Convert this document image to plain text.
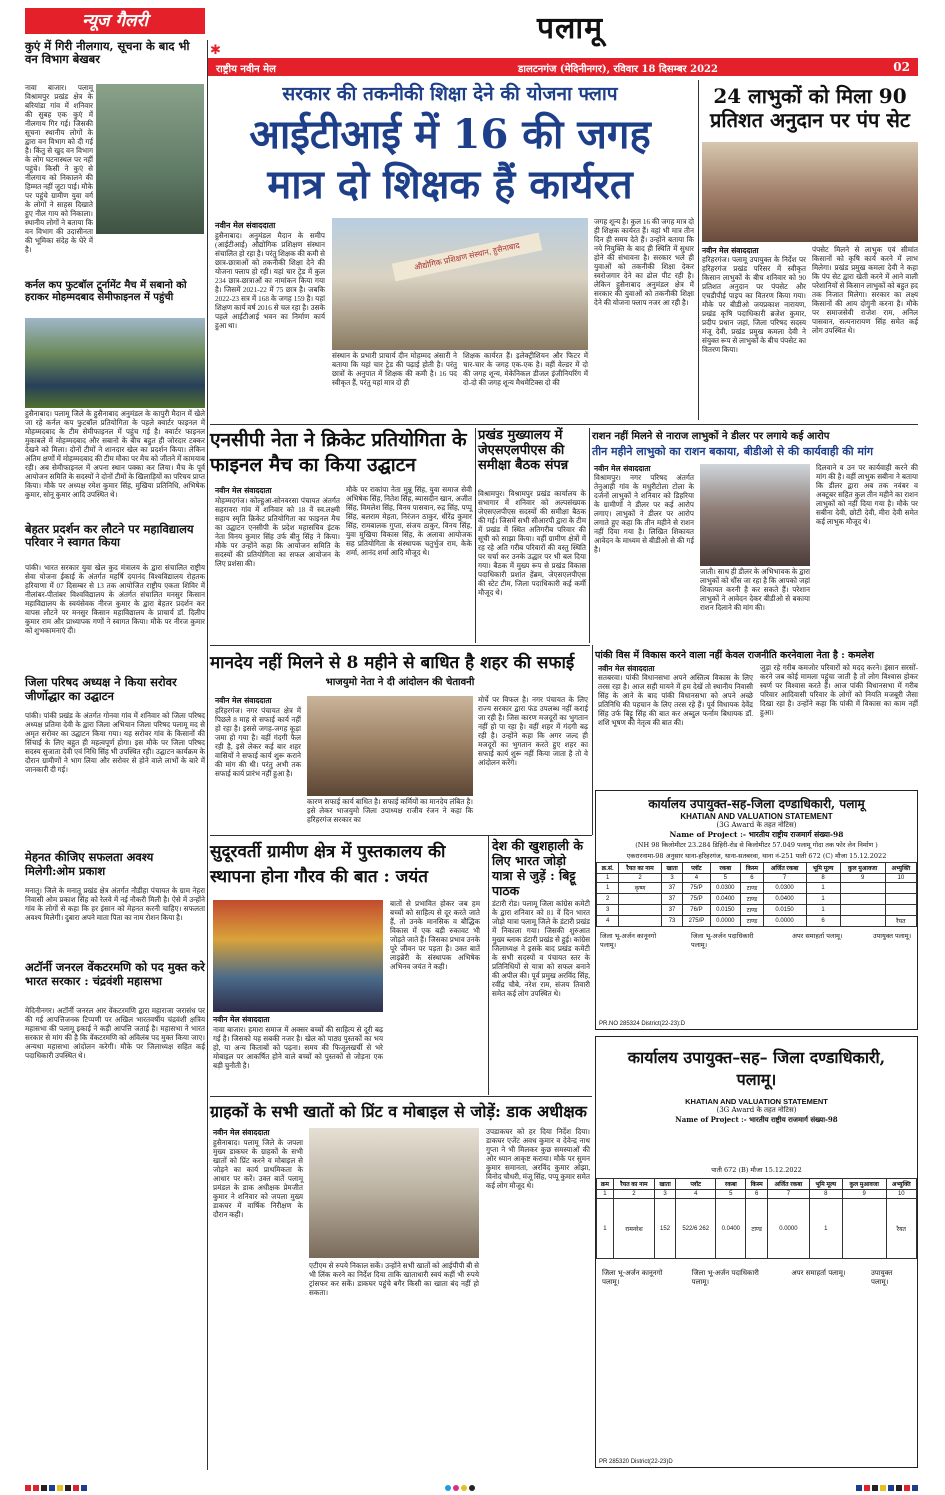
पलामू
✱
राष्ट्रीय नवीन मेल	डालटनगंज (मेदिनीनगर), रविवार 18 दिसम्बर 2022	02
न्यूज गैलरी
कुएं में गिरी नीलगाय, सूचना के बाद भी वन विभाग बेखबर
नावा बाजार। पलामू विश्रामपुर प्रखंड क्षेत्र के बरियांडा गांव में शनिवार की सुबह एक कुएं में नीलगाय गिर गई। जिसकी सूचना स्थानीय लोगों के द्वारा वन विभाग को दी गई है। किंतु से खुद वन विभाग के लोग घटनास्थल पर नहीं पहुंचे। किसी ने कुएं से नीलगाय को निकालने की हिम्मत नहीं जुटा पाई। मौके पर पहुंचे ग्रामीण युवा वर्ग के लोगों ने साहस दिखाते हुए नील गाय को निकाला। स्थानीय लोगों ने बताया कि वन विभाग की उदासीनता की भूमिका संदेह के घेरे में है।
कर्नल कप फुटबॉल टूर्नामेंट मैच में सबानो को हराकर मोहम्मदबाद सेमीफाइनल में पहुंची
हुसैनाबाद। पलामू जिले के हुसैनाबाद अनुमंडल के कापुरी मैदान में खेले जा रहे कर्नल कप फुटबॉल प्रतियोगिता के पहले क्वार्टर फाइनल में मोहम्मदबाद के टीम सेमीफाइनल में पहुंच गई है। क्वार्टर फाइनल मुकाबले में मोहम्मदबाद और सबानो के बीच बहुत ही जोरदार टक्कर देखने को मिला। दोनों टीमों ने शानदार खेल का प्रदर्शन किया। लेकिन अंतिम क्षणों में मोहम्मदबाद की टीम मौका पर मैच को जीतने में कामयाब रही। अब सेमीफाइनल में अपना स्थान पक्का कर लिया। मैच के पूर्व आयोजन समिति के सदस्यों ने दोनों टीमों के खिलाड़ियों का परिचय प्राप्त किया। मौके पर अध्यक्ष रमेश कुमार सिंह, मुखिया प्रतिनिधि, अभिषेक कुमार, सोनू कुमार आदि उपस्थित थे।
बेहतर प्रदर्शन कर लौटने पर महाविद्यालय परिवार ने स्वागत किया
पांकी। भारत सरकार युवा खेल कुद मंत्रालय के द्वारा संचालित राष्ट्रीय सेवा योजना ईकाई के अंतर्गत महर्षि दयानंद विश्वविद्यालय रोहतक हरियाणा में 07 दिसम्बर से 13 तक आयोजित राष्ट्रीय एकता शिविर में नीलांबर-पीतांबर विश्वविद्यालय के अंतर्गत संचालित मनसुर किसान महाविद्यालय के स्वयंसेवक नीरज कुमार के द्वारा बेहतर प्रदर्शन कर वापस लौटने पर मनसुर किसान महाविद्यालय के प्राचार्य डॉ. दिलीप कुमार राम और प्राध्यापक गणों ने स्वागत किया। मौके पर नीरज कुमार को शुभकामनाएं दी।
जिला परिषद अध्यक्ष ने किया सरोवर जीर्णोद्धार का उद्घाटन
पांकी। पांकी प्रखंड के अंतर्गत गोनवा गांव में शनिवार को जिला परिषद अध्यक्ष प्रतिमा देवी के द्वारा जिला अभियान जिला परिषद पलामू मद से अमृत सरोवर का उद्घाटन किया गया। यह सरोवर गांव के किसानों की सिंचाई के लिए बहुत ही महत्वपूर्ण होगा। इस मौके पर जिला परिषद सदस्य सुजाता देवी एवं निधि सिंह भी उपस्थित रही। उद्घाटन कार्यक्रम के दौरान ग्रामीणों ने भाग लिया और सरोवर से होने वाले लाभों के बारे में जानकारी दी गई।
मेहनत कीजिए सफलता अवश्य मिलेगी:ओम प्रकाश
मनातू। जिले के मनातू प्रखंड क्षेत्र अंतर्गत नौडीहा पंचायत के ग्राम नेहरा निवासी ओम प्रकाश सिंह को रेलवे में नई नौकरी मिली है। ऐसे में उन्होंने गांव के लोगों से कहा कि हर इंसान को मेहनत करनी चाहिए। सफलता अवश्य मिलेगी। दुबारा अपने माता पिता का नाम रोशन किया है।
अटॉर्नी जनरल वेंकटरमणि को पद मुक्त करे भारत सरकार : चंद्रवंशी महासभा
मेदिनीनगर। अटॉर्नी जनरल आर वेंकटरमणि द्वारा महाराजा जरासंध पर की गई आपत्तिजनक टिप्पणी पर अखिल भारतवर्षीय चंद्रवंशी क्षत्रिय महासभा की पलामू इकाई ने कड़ी आपत्ति जताई है। महासभा ने भारत सरकार से मांग की है कि वेंकटरमणि को अविलंब पद मुक्त किया जाए। अन्यथा महासभा आंदोलन करेगी। मौके पर जिलाध्यक्ष सहित कई पदाधिकारी उपस्थित थे।
सरकार की तकनीकी शिक्षा देने की योजना फ्लाप
आईटीआई में 16 की जगह
मात्र दो शिक्षक हैं कार्यरत
नवीन मेल संवाददाता
हुसैनाबाद। अनुमंडल मैदान के समीप (आईटीआई) औद्योगिक प्रशिक्षण संस्थान संचालित हो रहा है। परंतु शिक्षक की कमी से छात्र-छात्राओं को तकनीकी शिक्षा देने की योजना फ्लाप हो रही। यहां चार ट्रेड में कुल 234 छात्र-छात्राओं का नामांकन किया गया है। जिसमें 2021-22 में 75 छात्र है। जबकि 2022-23 सत्र में 168 के जगह 159 है। यहां शिक्षण कार्य वर्ष 2016 से चल रहा है। उसके पहले आईटीआई भवन का निर्माण कार्य हुआ था।
औद्योगिक प्रशिक्षण संस्थान, हुसैनाबाद
संस्थान के प्रभारी प्राचार्य दीन मोहम्मद अंसारी ने बताया कि यहां चार ट्रेड की पढ़ाई होती है। परंतु छात्रों के अनुपात में शिक्षक की कमी है। 16 पद स्वीकृत हैं, परंतु यहां मात्र दो ही
शिक्षक कार्यरत हैं। इलेक्ट्रीशियन और फिटर में चार-चार के जगह एक-एक है। वहीं वेल्डर में दो की जगह शून्य, मेकेनिकल डीजल इंजीनियरिंग में दो-दो की जगह शून्य मैथमेटिक्स दो की
जगह शून्य है। कुल 16 की जगह मात्र दो ही शिक्षक कार्यरत हैं। वहां भी मात्र तीन दिन ही समय देते हैं। उन्होंने बताया कि नये नियुक्ति के बाद ही स्थिति में सुधार होने की संभावना है। सरकार भले ही युवाओं को तकनीकी शिक्षा देकर स्वरोजगार देने का ढोल पीट रही है। लेकिन हुसैनाबाद अनुमंडल क्षेत्र में सरकार की युवाओं को तकनीकी शिक्षा देने की योजना फ्लाप नजर आ रही है।
24 लाभुकों को मिला 90 प्रतिशत अनुदान पर पंप सेट
नवीन मेल संवाददाता
हरिहरगंज। पलामू उपायुक्त के निर्देश पर हरिहरगंज प्रखंड परिसर में स्वीकृत किसान लाभुकों के बीच शनिवार को 90 प्रतिशत अनुदान पर पंपसेट और एचडीपीई पाइप का वितरण किया गया। मौके पर बीडीओ जयप्रकाश नारायण, प्रखंड कृषि पदाधिकारी ब्रजेश कुमार, प्रदीप प्रधान जहां, जिला परिषद सदस्य मंजू देवी, प्रखंड प्रमुख कमला देवी ने संयुक्त रूप से लाभुकों के बीच पंपसेट का वितरण किया।
पंपसेट मिलने से लाभुक एवं सीमांत किसानों को कृषि कार्य करने में लाभ मिलेगा। प्रखंड प्रमुख कमला देवी ने कहा कि पंप सेट द्वारा खेती करने में आने वाली परेशानियों से किसान लाभुकों को बहुत हद तक निजात मिलेगा। सरकार का लक्ष्य किसानों की आय दोगुनी करना है। मौके पर समाजसेवी राजेश राम, अनिल पासवान, सत्यनारायण सिंह समेत कई लोग उपस्थित थे।
एनसीपी नेता ने क्रिकेट प्रतियोगिता के फाइनल मैच का किया उद्घाटन
नवीन मेल संवाददाता
मोहम्मदगंज। कोल्हुआ-सोनवरसा पंचायत अंतर्गत सहरावरा गांव में शनिवार को 18 वें स्व.लक्ष्मी सहाय स्मृति क्रिकेट प्रतियोगिता का फाइनल मैच का उद्घाटन एनसीपी के प्रदेश महासचिव इंटक नेता विनय कुमार सिंह उर्फ बीनु सिंह ने किया। मौके पर उन्होंने कहा कि आयोजन समिति के सदस्यों की प्रतियोगिता का सफल आयोजन के लिए प्रशंसा की।
मौके पर राकांपा नेता मुन्नू सिंह, युवा समाज सेवी अभिषेक सिंह, नितेश सिंह, ब्यासदीन खान, अजीत सिंह, विमलेश सिंह, विनय पासवान, रुद्र सिंह, पप्पू सिंह, बलराम मेहता, निरंजन ठाकुर, धीरेंद्र कुमार सिंह, रामबालक गुप्ता, संजय ठाकुर, विनय सिंह, युवा मुखिया विकास सिंह, के अलावा आयोजक सह प्रतियोगिता के संस्थापक चतुर्भुज राम, केके शर्मा, आनंद शर्मा आदि मौजूद थे।
प्रखंड मुख्यालय में जेएसएलपीएस की समीक्षा बैठक संपन्न
विश्रामपुर। विश्रामपुर प्रखंड कार्यालय के सभागार में शनिवार को अल्पसंख्यक जेएसएलपीएस सदस्यों की समीक्षा बैठक की गई। जिसमें सभी सीआरपी द्वारा के टीम में प्रखंड में स्थित अतिगरीब परिवार की सूची को साझा किया। वहीं ग्रामीण क्षेत्रों में रह रहे अति गरीब परिवारों की वस्तु स्थिति पर चर्चा कर उनके उद्धार पर भी बल दिया गया। बैठक में मुख्य रूप से प्रखंड विकास पदाधिकारी प्रशांत हेंब्रम, जेएसएलपीएस की स्टेट टीम, जिला पदाधिकारी कई कर्मी मौजूद थे।
राशन नहीं मिलने से नाराज लाभुकों ने डीलर पर लगाये कई आरोप
तीन महीने लाभुको का राशन बकाया, बीडीओ से की कार्यवाही की मांग
नवीन मेल संवाददाता
विश्रामपुर। नगर परिषद अंतर्गत तेनुआही गांव के मधुरीटोला टोला के दर्जनों लाभुकों ने शनिवार को डिहरिया के ग्रामीणों ने डीलर पर कई आरोप लगाए। लाभुकों ने डीलर पर आरोप लगाते हुए कहा कि तीन महीने से राशन नहीं दिया गया है। लिखित शिकायत आवेदन के माध्यम से बीडीओ से की गई है।
जाती। साथ ही डीलर के अभिभावक के द्वारा लाभुकों को धौंस जा रहा है कि आपको जहां शिकायत करनी है कर सकते हैं। परेशान लाभुकों ने आवेदन देकर बीडीओ से बकाया राशन दिलाने की मांग की।
दिलवाने व उन पर कार्यवाही करने की मांग की है। वहीं लाभुक सबीना ने बताया कि डीलर द्वारा अब तक नवंबर व अक्टूबर सहित कुल तीन महीने का राशन लाभुकों को नहीं दिया गया है। मौके पर सबीना देवी, छोटी देवी, मीरा देवी समेत कई लाभुक मौजूद थे।
मानदेय नहीं मिलने से 8 महीने से बाधित है शहर की सफाई
भाजयुमो नेता ने दी आंदोलन की चेतावनी
नवीन मेल संवाददाता
हरिहरगंज। नगर पंचायत क्षेत्र में पिछले 8 माह से सफाई कार्य नहीं हो रहा है। इससे जगह-जगह कूड़ा जमा हो गया है। वहीं गंदगी फैल रही है, इसे लेकर कई बार शहर वासियों ने सफाई कार्य शुरू कराने की मांग की थी। परंतु अभी तक सफाई कार्य प्रारंभ नहीं हुआ है।
कारण सफाई कार्य बाधित है। सफाई कर्मियों का मानदेय लंबित है। इसे लेकर भाजयुमो जिला उपाध्यक्ष राजीव रंजन ने कहा कि हरिहरगंज सरकार का
मोर्चे पर विफल है। नगर पंचायत के लिए राज्य सरकार द्वारा फंड उपलब्ध नहीं कराई जा रही है। जिस कारण मजदूरों का भुगतान नहीं हो पा रहा है। वहीं शहर में गंदगी बढ़ रही है। उन्होंने कहा कि अगर जल्द ही मजदूरों का भुगतान करते हुए शहर का सफाई कार्य शुरू नहीं किया जाता है तो वे आंदोलन करेंगे।
पांकी विस में विकास करने वाला नहीं केवल राजनीति करनेवाला नेता है : कमलेश
नवीन मेल संवाददाता
सतबरवा। पांकी विधानसभा अपने अस्तित्व विकास के लिए तरस रहा है। आज सही मायने में हम देखें तो स्थानीय निवासी सिंह के आने के बाद पांकी विधानसभा को अपने अच्छे प्रतिनिधि की पहचान के लिए तरस रहे हैं। पूर्व विधायक देवेंद्र सिंह उर्फ बिट्टू सिंह की बात कर अब्दुल फर्नाम बिधायक डॉ. शशि भूषण की नेतृत्व की बात की।
जुड़ा रहे गरीब कमजोर परिवारों को मदद करने। इंसान सरसों-करने जब कोई मामला पहुंचा जाती है तो लोग विश्वास होकर स्वर्ण पर विश्वास करते हैं। आज पांकी विधानसभा में गरीब परिवार आदिवासी परिवार के लोगों को नियति मजबूरी जैसा दिखा रहा है। उन्होंने कहा कि पांकी में विकास का काम नहीं हुआ।
कार्यालय उपायुक्त-सह-जिला दण्डाधिकारी, पलामू
KHATIAN AND VALUATION STATEMENT
(3G Award के तहत नोटिस)
Name of Project :- भारतीय राष्ट्रीय राजमार्ग संख्या-98
(NH 98 किलोमीटर 23.284 डिहिरी-रोड से किलोमीटर 57.049 पलामू गोदा तक फोर लेन निर्माण )
एकरारनामा-98 अनुसार थाना-हरिहरगंज, थाना-सतबरवा, थाना नं-251 पाती 672 (C) मौजा 15.12.2022
क्र.सं.	रैयत का नाम	खाता	प्लॉट	रकबा	किस्म	अर्जित रकबा	भूमि मूल्य	कुल मुआवजा	अभ्युक्ति
1	2	3	4	5	6	7	8	9	10
1	कृष्ण	37	75/P	0.0300	टाण्ड	0.0300	1		
2		37	75/P	0.0400	टाण्ड	0.0400	1		
3		37	76/P	0.0150	टाण्ड	0.0150	1		
4		73	275/P	0.0000	टाण्ड	0.0000	6		रैयत
जिला भू-अर्जन कानूनगो पलामू।
जिला भू-अर्जन पदाधिकारी पलामू।
अपर समाहर्ता पलामू।	उपायुक्त पलामू।
PR.NO 285324 District(22-23):D
सुदूरवर्ती ग्रामीण क्षेत्र में पुस्तकालय की स्थापना होना गौरव की बात : जयंत
बातों से प्रभावित होकर जब हम बच्चों को साहित्य से दूर करते जाते हैं, तो उनके मानसिक व बौद्धिक विकास में एक बड़ी रुकावट भी जोड़ते जाते हैं। जिसका प्रभाव उनके पूरे जीवन पर पड़ता है। उक्त बातें लाइब्रेरी के संस्थापक अभिषेक अभिनव जयंत ने कही।
नवीन मेल संवाददाता
नावा बाजार। हमारा समाज में अक्सर बच्चों की साहित्य से दूरी बढ़ गई है। जिसको यह सबकी नजर है। खेल को पाठ्य पुस्तकों का भय हो, या अन्य किताबों को पढ़ना। समय की फिजूलखर्ची से भरे मोबाइल पर आकर्षित होने वाले बच्चों को पुस्तकों से जोड़ना एक बड़ी चुनौती है।
देश की खुशहाली के लिए भारत जोड़ो यात्रा से जुड़ें : बिट्टू पाठक
डंटारी रोड। पलामू जिला कांग्रेस कमेटी के द्वारा शनिवार को 81 वें दिन भारत जोड़ो यात्रा पलामू जिले के डंटारी प्रखंड में निकाला गया। जिसकी शुरुआत मुख्य ब्लाक डंटारी प्रखंड से हुई। कांग्रेस जिलाध्यक्ष ने इसके बाद प्रखंड कमेटी के सभी सदस्यों व पंचायत स्तर के प्रतिनिधियों से यात्रा को सफल बनाने की अपील की। पूर्व प्रमुख अरविंद सिंह, रवींद्र चौबे, नरेश राम, संजय तिवारी समेत कई लोग उपस्थित थे।
ग्राहकों के सभी खातों को प्रिंट व मोबाइल से जोड़ें: डाक अधीक्षक
नवीन मेल संवाददाता
हुसैनाबाद। पलामू जिले के जपला मुख्य डाकघर के ग्राहकों के सभी खातों को प्रिंट करने व मोबाइल से जोड़ने का कार्य प्राथमिकता के आधार पर करें। उक्त बातें पलामू प्रमंडल के डाक अधीक्षक प्रेमजीत कुमार ने शनिवार को जपला मुख्य डाकघर में वार्षिक निरीक्षण के दौरान कही।
एटीएम से रुपये निकाल सकें। उन्होंने सभी खातों को आईपीपी बी से भी लिंक करने का निर्देश दिया ताकि खाताधारी स्वयं कहीं भी रुपये ट्रांसफर कर सकें। डाकघर पहुंचे बगैर किसी का खाता बंद नहीं हो सकता।
उपडाकघर को हर दिया निर्देश दिया। डाकघर एजेंट अवध कुमार व देवेन्द्र नाथ गुप्ता ने भी मिलकर कुछ समस्याओं की ओर ध्यान आकृष्ट कराया। मौके पर सुमन कुमार समानता, अरविंद कुमार ओझा, विनोद चौधरी, मंजू सिंह, पप्पू कुमार समेत कई लोग मौजूद थे।
कार्यालय उपायुक्त–सह– जिला दण्डाधिकारी, पलामू।
KHATIAN AND VALUATION STATEMENT
(3G Award के तहत नोटिस)
Name of Project :- भारतीय राष्ट्रीय राजमार्ग संख्या-98
पाती 672 (B) मौजा 15.12.2022
क्रम	रैयत का नाम	खाता	प्लॉट	रकबा	किस्म	अर्जित रकबा	भूमि मूल्य	कुल मुआवजा	अभ्युक्ति
1	2	3	4	5	6	7	8	9	10
1	रामनरेश	152	522/6 262	0.0400	टाण्ड	0.0000	1		रैयत
जिला भू-अर्जन कानूनगो पलामू।
जिला भू-अर्जन पदाधिकारी पलामू।
अपर समाहर्ता पलामू।	उपायुक्त पलामू।
PR 285320 District(22-23)D
